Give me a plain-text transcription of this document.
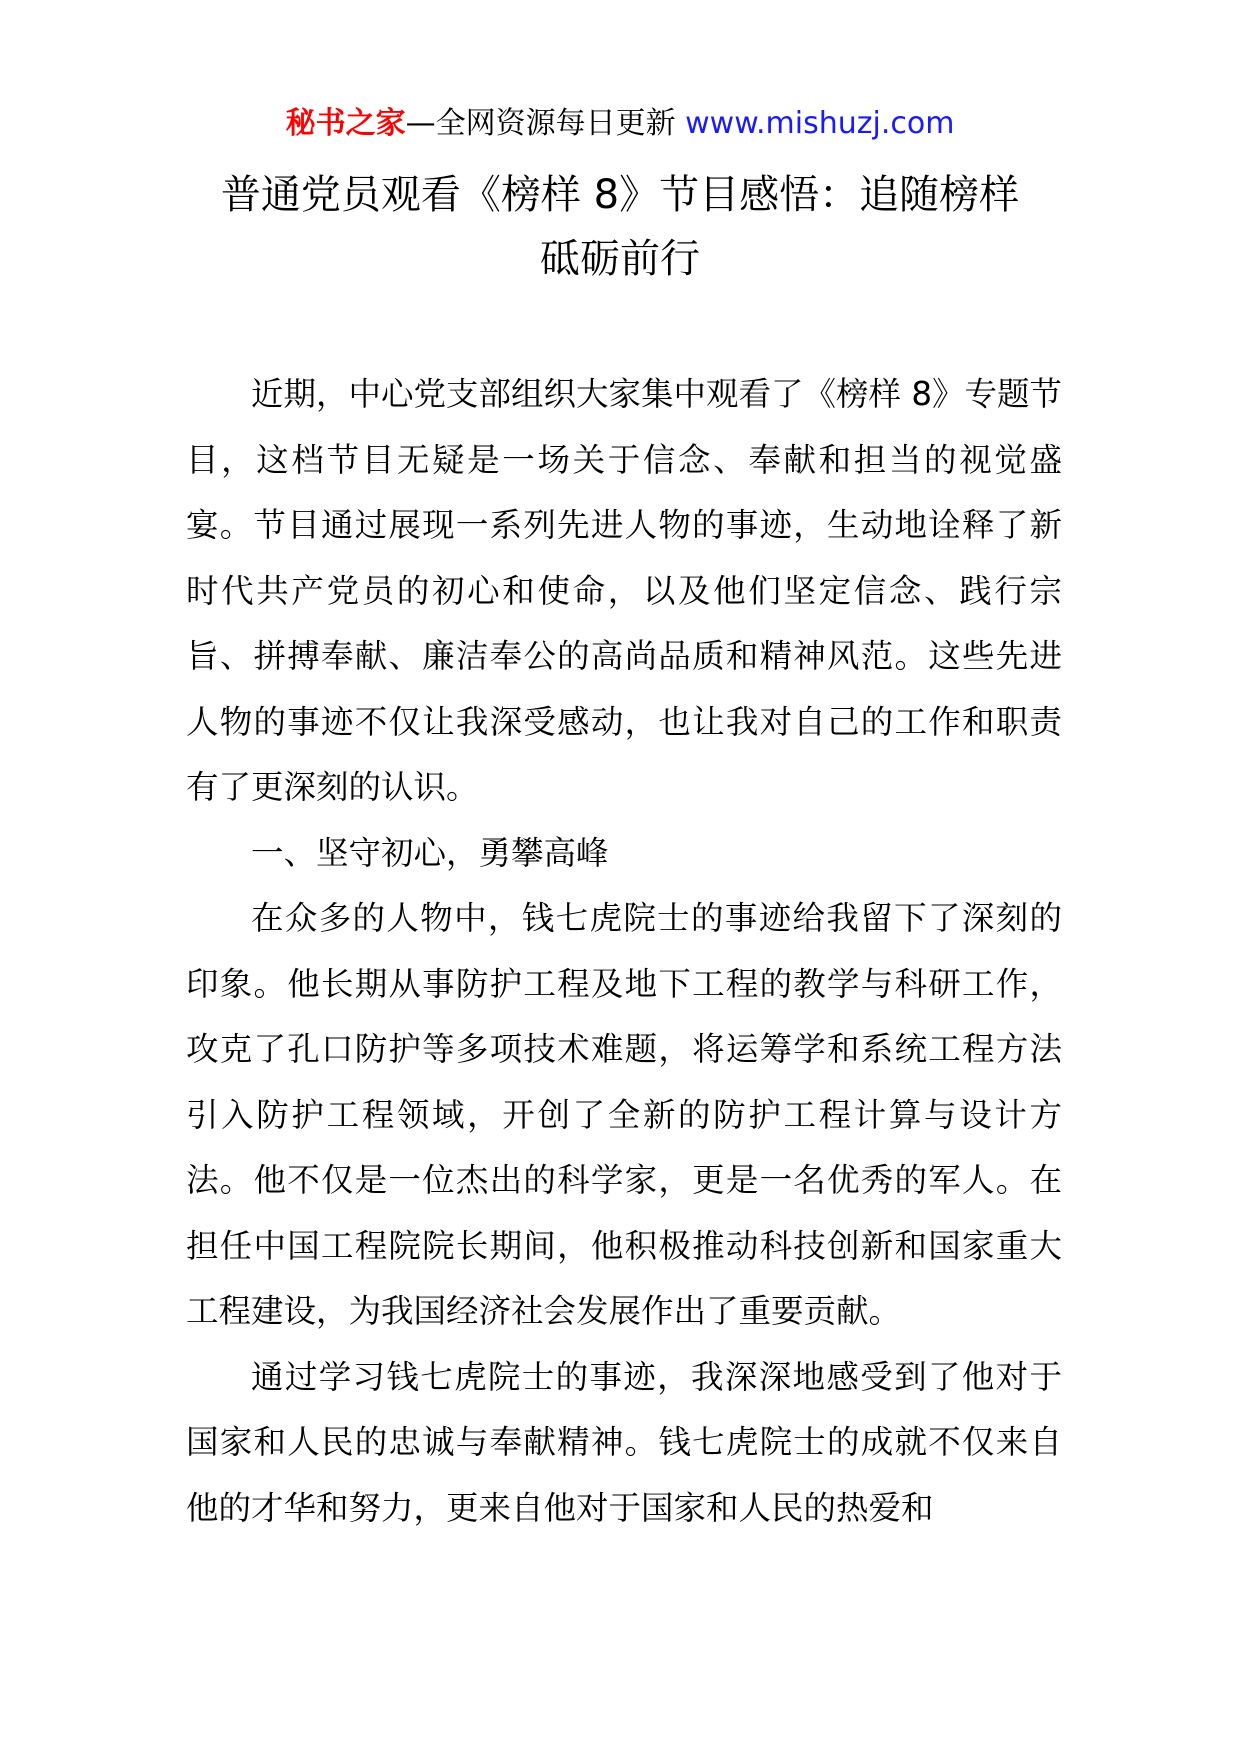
秘书之家—全网资源每日更新 www.mishuzj.com
普通党员观看《榜样 8》节目感悟：追随榜样
砥砺前行

近期，中心党支部组织大家集中观看了《榜样 8》专题节目，这档节目无疑是一场关于信念、奉献和担当的视觉盛宴。节目通过展现一系列先进人物的事迹，生动地诠释了新时代共产党员的初心和使命，以及他们坚定信念、践行宗旨、拼搏奉献、廉洁奉公的高尚品质和精神风范。这些先进人物的事迹不仅让我深受感动，也让我对自己的工作和职责有了更深刻的认识。

一、坚守初心，勇攀高峰

在众多的人物中，钱七虎院士的事迹给我留下了深刻的印象。他长期从事防护工程及地下工程的教学与科研工作，攻克了孔口防护等多项技术难题，将运筹学和系统工程方法引入防护工程领域，开创了全新的防护工程计算与设计方法。他不仅是一位杰出的科学家，更是一名优秀的军人。在担任中国工程院院长期间，他积极推动科技创新和国家重大工程建设，为我国经济社会发展作出了重要贡献。

通过学习钱七虎院士的事迹，我深深地感受到了他对于国家和人民的忠诚与奉献精神。钱七虎院士的成就不仅来自他的才华和努力，更来自他对于国家和人民的热爱和
